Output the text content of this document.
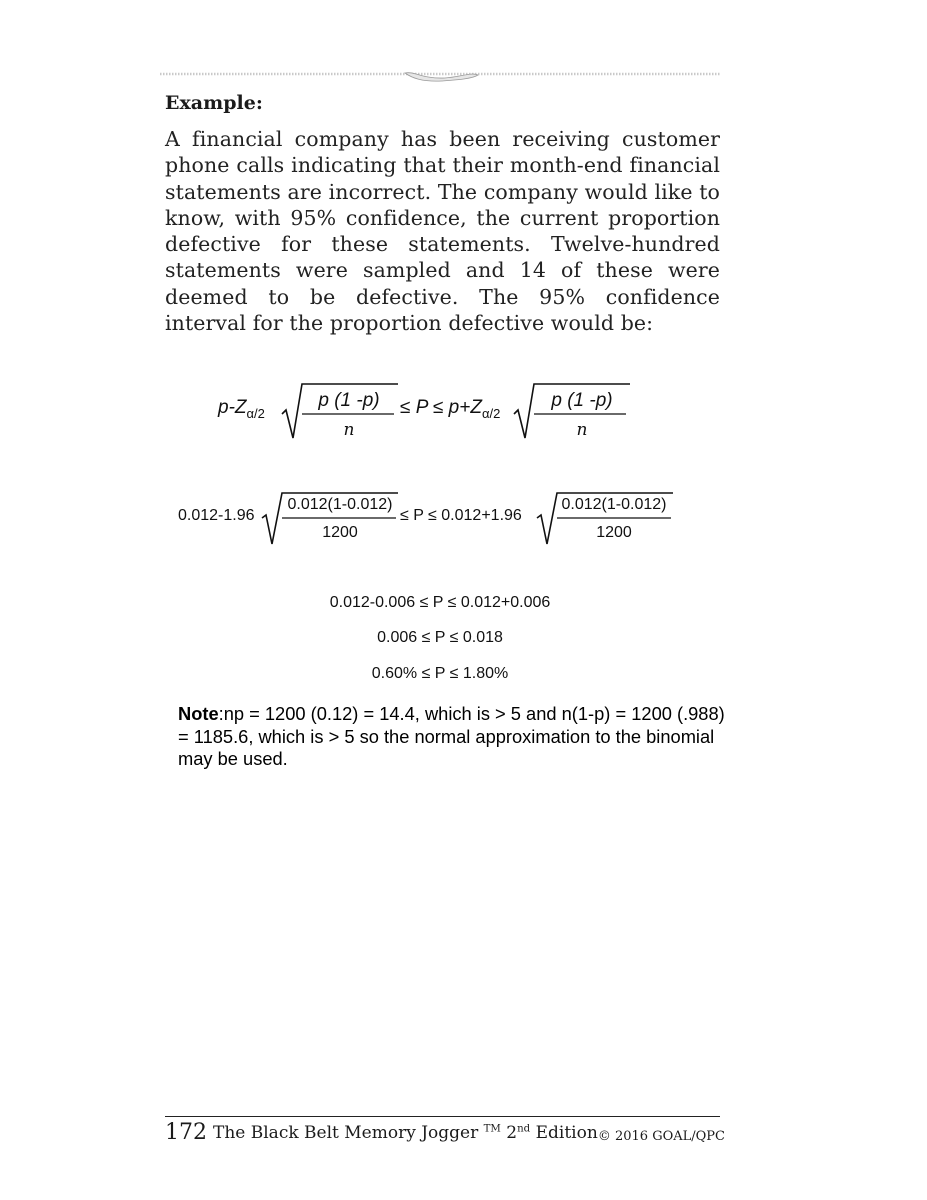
Example:

A financial company has been receiving customer phone calls indicating that their month-end financial statements are incorrect. The company would like to know, with 95% confidence, the current proportion defective for these statements. Twelve-hundred statements were sampled and 14 of these were deemed to be defective. The 95% confidence interval for the proportion defective would be:

$p-Z_{\alpha/2}$
p (1 -p)
n
≤ $P \le p+Z_{\alpha/2}$
p (1 -p)
n
0.012-1.96
0.012(1-0.012)
1200
≤ P ≤ 0.012+1.96
0.012(1-0.012)
1200
0.012-0.006 ≤ P ≤ 0.012+0.006
0.006 ≤ P ≤ 0.018
0.60% ≤ P ≤ 1.80%

Note:np = 1200 (0.12) = 14.4, which is > 5 and n(1-p) = 1200 (.988) = 1185.6, which is > 5 so the normal approximation to the binomial may be used.

172 The Black Belt Memory Jogger ™ 2nd Edition © 2016 GOAL/QPC
